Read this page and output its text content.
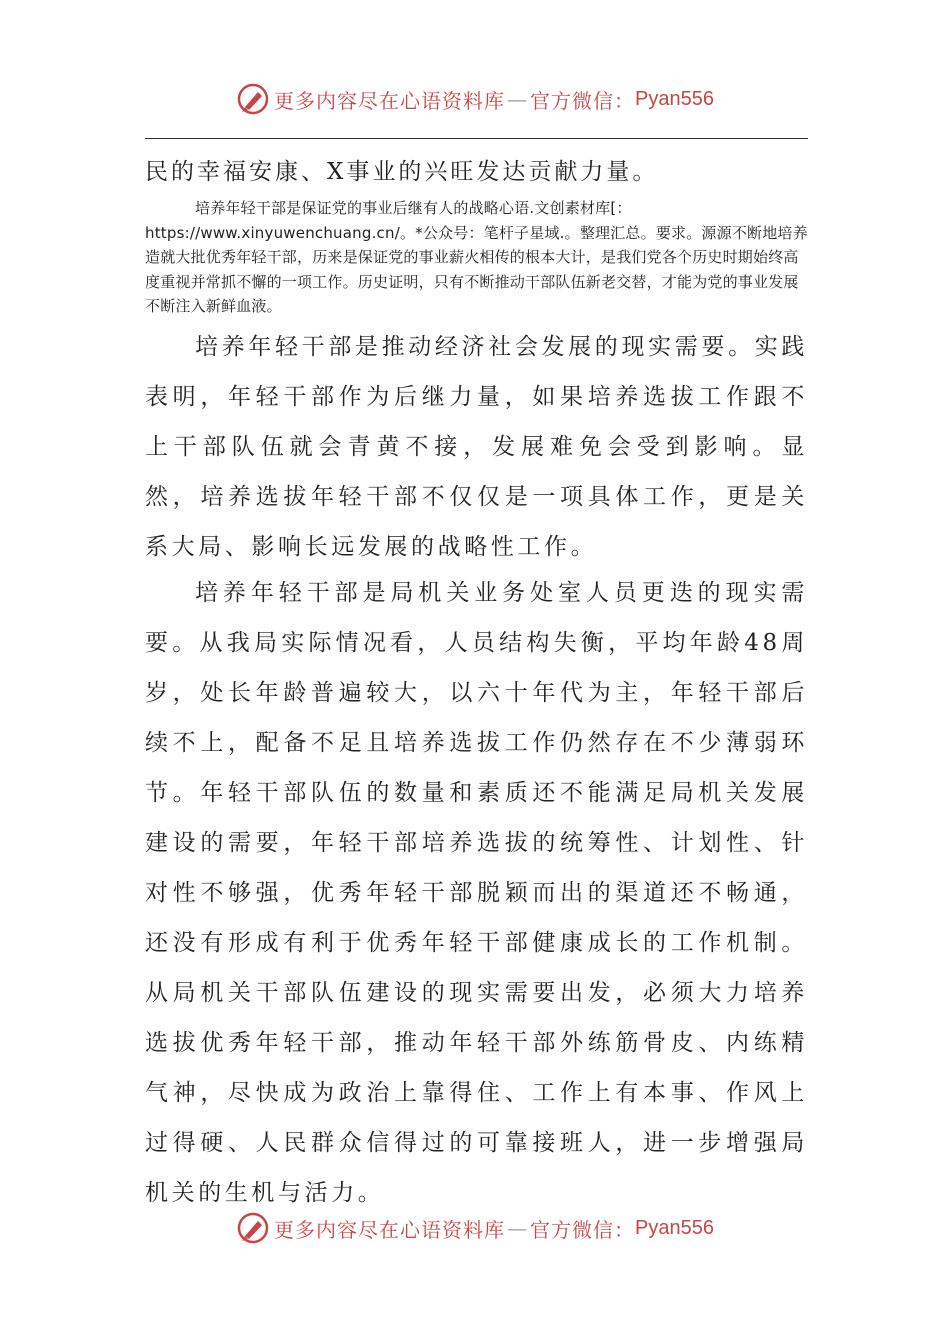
更多内容尽在心语资料库 — 官方微信： Pyan556

民的幸福安康、X事业的兴旺发达贡献力量。

培养年轻干部是保证党的事业后继有人的战略心语.文创素材库[：https://www.xinyuwenchuang.cn/。*公众号：笔杆子星域.。整理汇总。要求。源源不断地培养造就大批优秀年轻干部，历来是保证党的事业薪火相传的根本大计，是我们党各个历史时期始终高度重视并常抓不懈的一项工作。历史证明，只有不断推动干部队伍新老交替，才能为党的事业发展不断注入新鲜血液。

培养年轻干部是推动经济社会发展的现实需要。实践表明，年轻干部作为后继力量，如果培养选拔工作跟不上干部队伍就会青黄不接，发展难免会受到影响。显然，培养选拔年轻干部不仅仅是一项具体工作，更是关系大局、影响长远发展的战略性工作。

培养年轻干部是局机关业务处室人员更迭的现实需要。从我局实际情况看，人员结构失衡，平均年龄48周岁，处长年龄普遍较大，以六十年代为主，年轻干部后续不上，配备不足且培养选拔工作仍然存在不少薄弱环节。年轻干部队伍的数量和素质还不能满足局机关发展建设的需要，年轻干部培养选拔的统筹性、计划性、针对性不够强，优秀年轻干部脱颖而出的渠道还不畅通，还没有形成有利于优秀年轻干部健康成长的工作机制。从局机关干部队伍建设的现实需要出发，必须大力培养选拔优秀年轻干部，推动年轻干部外练筋骨皮、内练精气神，尽快成为政治上靠得住、工作上有本事、作风上过得硬、人民群众信得过的可靠接班人，进一步增强局机关的生机与活力。

更多内容尽在心语资料库 — 官方微信： Pyan556
